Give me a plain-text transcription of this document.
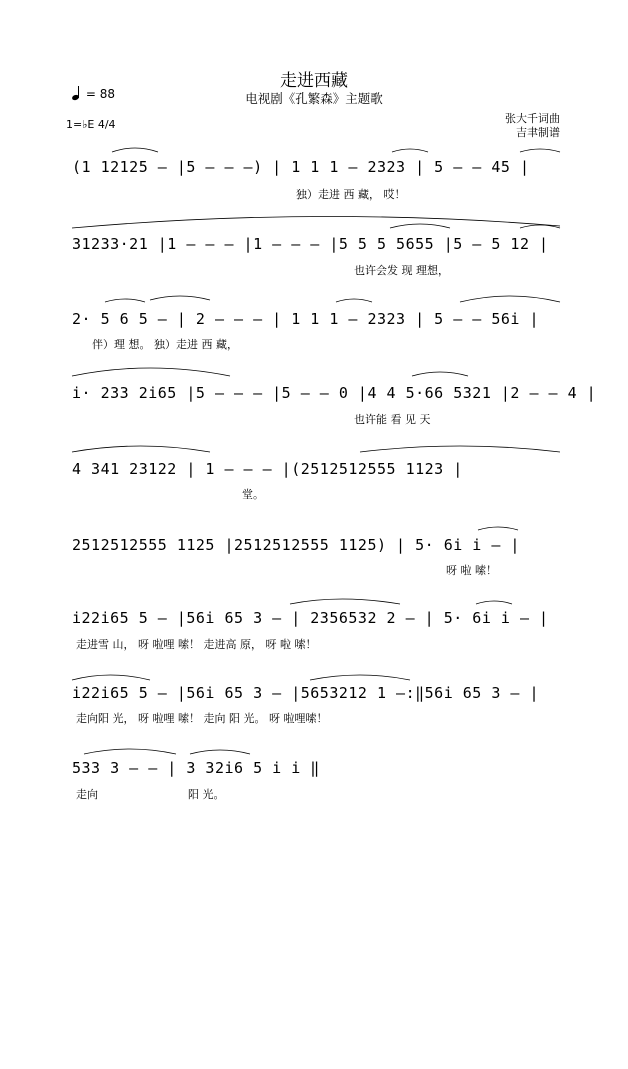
走进西藏
电视剧《孔繁森》主题歌
= 88
1=♭E 4/4	张大千词曲
吉聿制谱
(1 12125 — |5 — — —) | 1 1 1 — 2323 | 5 — — 45 |
独）走进 西 藏， 哎！
31233·21 |1 — — — |1 — — — |5 5 5 5655 |5 — 5 12 |
也许会发 现 理想，
2· 5 6 5 — | 2 — — — | 1 1 1 — 2323 | 5 — — 56i |
伴）理 想。 独）走进 西 藏，
i· 233 2i65 |5 — — — |5 — — 0 |4 4 5·66 5321 |2 — — 4 |
也许能 看 见 天
4 341 23122 | 1 — — — |(2512512555 1123 |
堂。
2512512555 1125 |2512512555 1125) | 5· 6i i — |
呀 啦 嗦！
i22i65 5 — |56i 65 3 — | 2356532 2 — | 5· 6i i — |
走进雪 山， 呀 啦哩 嗦！ 走进高 原， 呀 啦 嗦！
i22i65 5 — |56i 65 3 — |5653212 1 —:‖56i 65 3 — |
走向阳 光， 呀 啦哩 嗦！ 走向 阳 光。 呀 啦哩嗦！
533 3 — — | 3 32i6 5 i i ‖
走向	阳 光。
